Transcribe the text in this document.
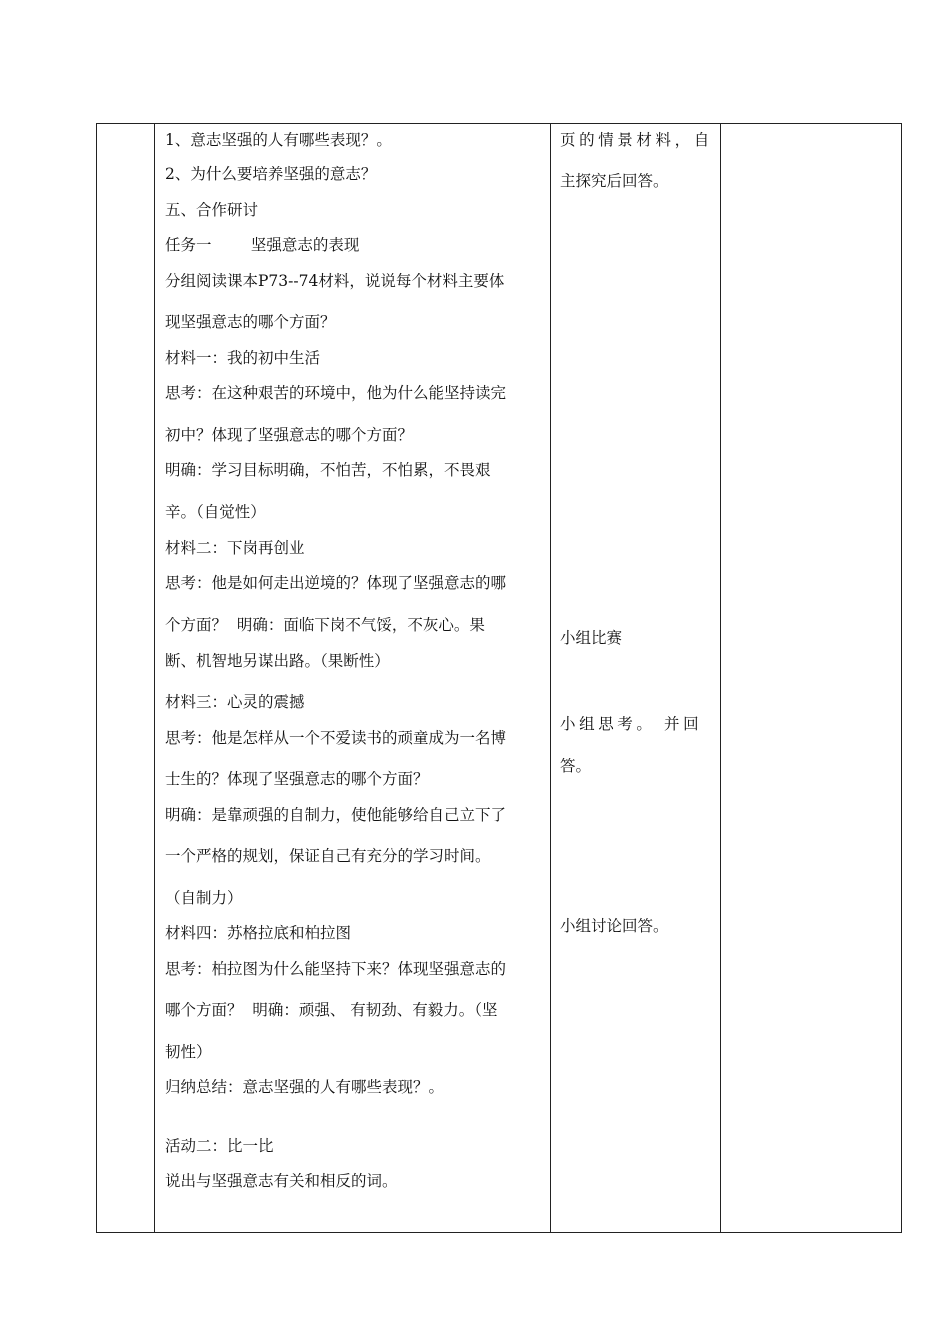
1、意志坚强的人有哪些表现？。
2、为什么要培养坚强的意志？
五、合作研讨
任务一        坚强意志的表现
分组阅读课本P73--74材料，说说每个材料主要体
现坚强意志的哪个方面？
材料一：我的初中生活
思考：在这种艰苦的环境中，他为什么能坚持读完
初中？体现了坚强意志的哪个方面？
明确：学习目标明确，不怕苦，不怕累，不畏艰
辛。（自觉性）
材料二：下岗再创业
思考：他是如何走出逆境的？体现了坚强意志的哪
个方面？  明确：面临下岗不气馁，不灰心。果
断、机智地另谋出路。（果断性）
材料三：心灵的震撼
思考：他是怎样从一个不爱读书的顽童成为一名博
士生的？体现了坚强意志的哪个方面？
明确：是靠顽强的自制力，使他能够给自己立下了
一个严格的规划，保证自己有充分的学习时间。
（自制力）
材料四：苏格拉底和柏拉图
思考：柏拉图为什么能坚持下来？体现坚强意志的
哪个方面？  明确：顽强、 有韧劲、有毅力。（坚
韧性）
归纳总结：意志坚强的人有哪些表现？。
活动二：比一比
说出与坚强意志有关和相反的词。

页的情景材料，自
主探究后回答。
小组比赛
小组思考。 并回
答。
小组讨论回答。
